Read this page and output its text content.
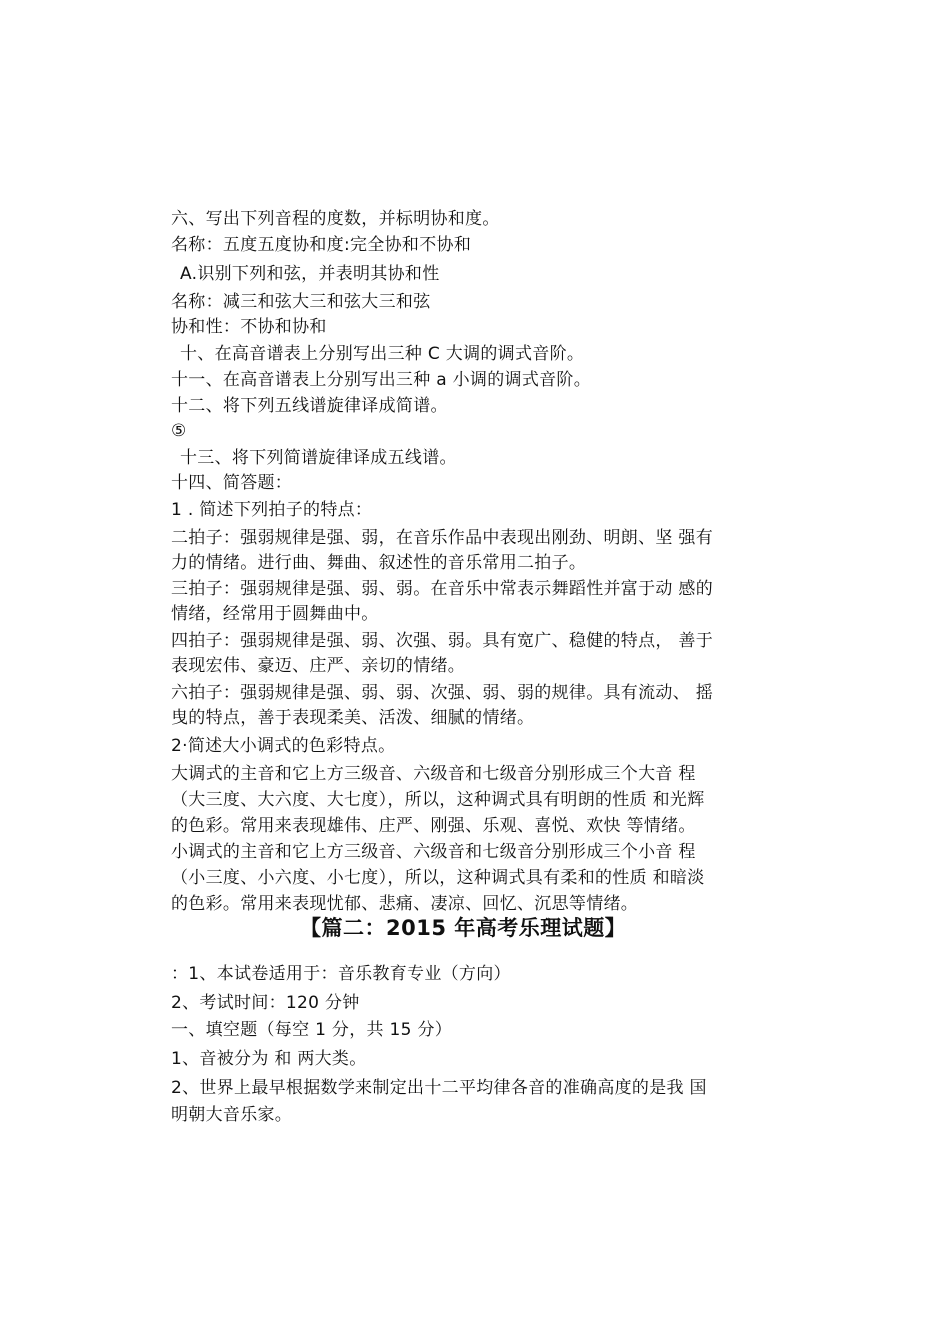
六、写出下列音程的度数，并标明协和度。
名称：五度五度协和度:完全协和不协和
A.识别下列和弦，并表明其协和性
名称：减三和弦大三和弦大三和弦
协和性：不协和协和
十、在高音谱表上分别写出三种 C 大调的调式音阶。
十一、在高音谱表上分别写出三种 a 小调的调式音阶。
十二、将下列五线谱旋律译成简谱。
⑤
十三、将下列简谱旋律译成五线谱。
十四、简答题：
1 . 简述下列拍子的特点：
二拍子：强弱规律是强、弱，在音乐作品中表现出刚劲、明朗、坚 强有
力的情绪。进行曲、舞曲、叙述性的音乐常用二拍子。
三拍子：强弱规律是强、弱、弱。在音乐中常表示舞蹈性并富于动 感的
情绪，经常用于圆舞曲中。
四拍子：强弱规律是强、弱、次强、弱。具有宽广、稳健的特点， 善于
表现宏伟、豪迈、庄严、亲切的情绪。
六拍子：强弱规律是强、弱、弱、次强、弱、弱的规律。具有流动、 摇
曳的特点，善于表现柔美、活泼、细腻的情绪。
2·简述大小调式的色彩特点。
大调式的主音和它上方三级音、六级音和七级音分别形成三个大音 程
（大三度、大六度、大七度），所以，这种调式具有明朗的性质 和光辉
的色彩。常用来表现雄伟、庄严、刚强、乐观、喜悦、欢快 等情绪。
小调式的主音和它上方三级音、六级音和七级音分别形成三个小音 程
（小三度、小六度、小七度），所以，这种调式具有柔和的性质 和暗淡
的色彩。常用来表现忧郁、悲痛、凄凉、回忆、沉思等情绪。
：1、本试卷适用于：音乐教育专业（方向）
2、考试时间：120 分钟
一、填空题（每空 1 分，共 15 分）
1、音被分为 和 两大类。
2、世界上最早根据数学来制定出十二平均律各音的准确高度的是我 国
明朝大音乐家。
【篇二：2015 年高考乐理试题】
